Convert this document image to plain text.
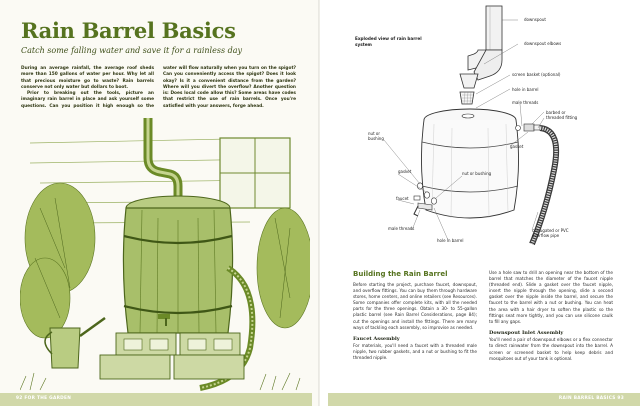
Rain Barrel Basics
Catch some falling water and save it for a rainless day

During an average rainfall, the average roof sheds more than 150 gallons of water per hour. Why let all that precious moisture go to waste? Rain barrels conserve not only water but dollars to boot.

Prior to breaking out the tools, picture an imaginary rain barrel in place and ask yourself some questions. Can you position it high enough so the water will flow naturally when you turn on the spigot? Can you conveniently access the spigot? Does it look okay? Is it a convenient distance from the garden? Where will you divert the overflow? Another question is: Does local code allow this? Some areas have codes that restrict the use of rain barrels. Once you're satisfied with your answers, forge ahead.

92 FOR THE GARDEN	RAIN BARREL BASICS 93
Exploded view of rain barrel system
downspout
downspout elbows
screen basket (optional)
hole in barrel
male threads
barbed or threaded fitting
gasket
nut or bushing
gasket	nut or bushing
faucet
male threads
hole in barrel
corrugated or PVC overflow pipe
Building the Rain Barrel

Before starting the project, purchase faucet, downspout, and overflow fittings. You can buy them through hardware stores, home centers, and online retailers (see Resources). Some companies offer complete kits, with all the needed parts for the three openings. Obtain a 30- to 55-gallon plastic barrel (see Rain Barrel Considerations, page 84); cut the openings and install the fittings. There are many ways of tackling each assembly, so improvise as needed.

Faucet Assembly

For materials, you'll need a faucet with a threaded male nipple, two rubber gaskets, and a nut or bushing to fit the threaded nipple.

Use a hole saw to drill an opening near the bottom of the barrel that matches the diameter of the faucet nipple (threaded end). Slide a gasket over the faucet nipple, insert the nipple through the opening, slide a second gasket over the nipple inside the barrel, and secure the faucet to the barrel with a nut or bushing. You can heat the area with a hair dryer to soften the plastic so the fittings seat more tightly, and you can use silicone caulk to fill any gaps.

Downspout Inlet Assembly

You'll need a pair of downspout elbows or a flex connector to direct rainwater from the downspout into the barrel. A screen or screened basket to help keep debris and mosquitoes out of your tank is optional.
